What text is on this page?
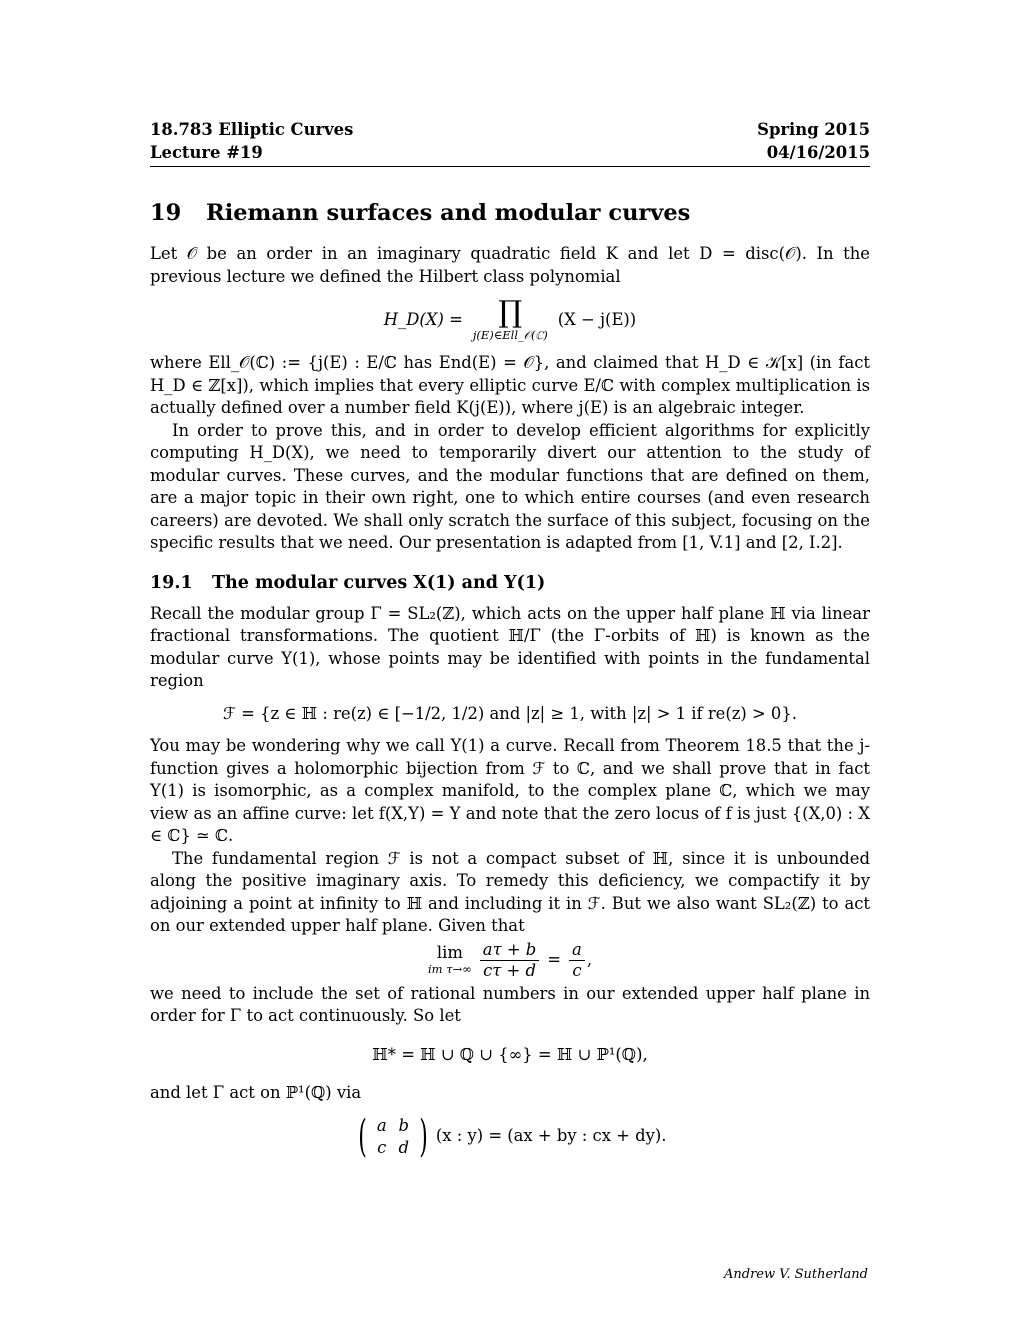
18.783 Elliptic Curves	Spring 2015
Lecture #19	04/16/2015
19 Riemann surfaces and modular curves

Let 𝒪 be an order in an imaginary quadratic field K and let D = disc(𝒪). In the previous lecture we defined the Hilbert class polynomial

H_D(X) = ∏
j(E)∈Ell_𝒪(ℂ)
(X − j(E))

where Ell_𝒪(ℂ) := {j(E) : E/ℂ has End(E) = 𝒪}, and claimed that H_D ∈ 𝒦[x] (in fact H_D ∈ ℤ[x]), which implies that every elliptic curve E/ℂ with complex multiplication is actually defined over a number field K(j(E)), where j(E) is an algebraic integer.

In order to prove this, and in order to develop efficient algorithms for explicitly computing H_D(X), we need to temporarily divert our attention to the study of modular curves. These curves, and the modular functions that are defined on them, are a major topic in their own right, one to which entire courses (and even research careers) are devoted. We shall only scratch the surface of this subject, focusing on the specific results that we need. Our presentation is adapted from [1, V.1] and [2, I.2].

19.1 The modular curves X(1) and Y(1)

Recall the modular group Γ = SL₂(ℤ), which acts on the upper half plane ℍ via linear fractional transformations. The quotient ℍ/Γ (the Γ-orbits of ℍ) is known as the modular curve Y(1), whose points may be identified with points in the fundamental region

ℱ = {z ∈ ℍ : re(z) ∈ [−1/2, 1/2) and |z| ≥ 1, with |z| > 1 if re(z) > 0}.

You may be wondering why we call Y(1) a curve. Recall from Theorem 18.5 that the j-function gives a holomorphic bijection from ℱ to ℂ, and we shall prove that in fact Y(1) is isomorphic, as a complex manifold, to the complex plane ℂ, which we may view as an affine curve: let f(X,Y) = Y and note that the zero locus of f is just {(X,0) : X ∈ ℂ} ≃ ℂ.

The fundamental region ℱ is not a compact subset of ℍ, since it is unbounded along the positive imaginary axis. To remedy this deficiency, we compactify it by adjoining a point at infinity to ℍ and including it in ℱ. But we also want SL₂(ℤ) to act on our extended upper half plane. Given that

lim
im $\tau\to\infty \frac{a\tau + b}{c\tau + d} = \frac{a}{c}$ ,

we need to include the set of rational numbers in our extended upper half plane in order for Γ to act continuously. So let

ℍ* = ℍ ∪ ℚ ∪ {∞} = ℍ ∪ ℙ¹(ℚ),

and let Γ act on ℙ¹(ℚ) via

( a b
c d ) (x : y) = (ax + by : cx + dy).
Andrew V. Sutherland
